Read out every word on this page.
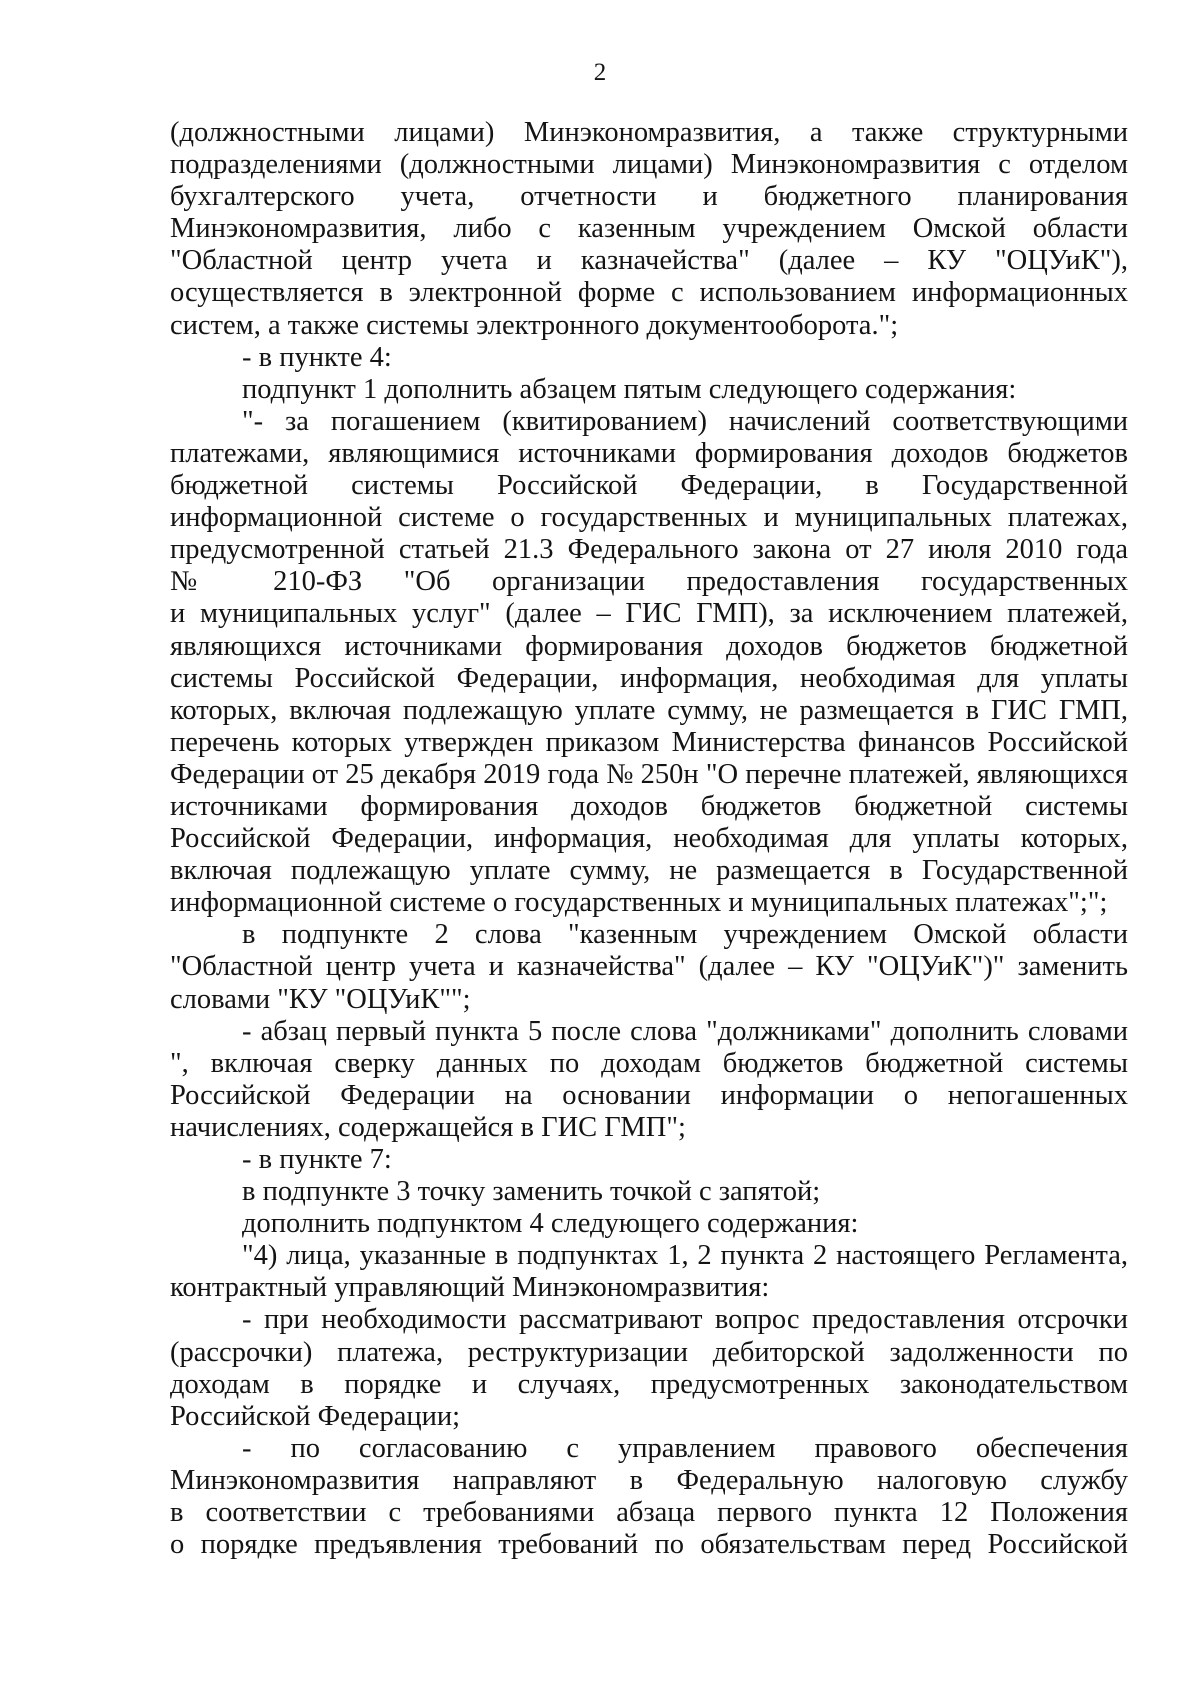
2
(должностными лицами) Минэкономразвития, а также структурными
подразделениями (должностными лицами) Минэкономразвития с отделом
бухгалтерского учета, отчетности и бюджетного планирования
Минэкономразвития, либо с казенным учреждением Омской области
"Областной центр учета и казначейства" (далее – КУ "ОЦУиК"),
осуществляется в электронной форме с использованием информационных
систем, а также системы электронного документооборота.";
- в пункте 4:
подпункт 1 дополнить абзацем пятым следующего содержания:
"- за погашением (квитированием) начислений соответствующими
платежами, являющимися источниками формирования доходов бюджетов
бюджетной системы Российской Федерации, в Государственной
информационной системе о государственных и муниципальных платежах,
предусмотренной статьей 21.3 Федерального закона от 27 июля 2010 года
№ 210-ФЗ "Об организации предоставления государственных
и муниципальных услуг" (далее – ГИС ГМП), за исключением платежей,
являющихся источниками формирования доходов бюджетов бюджетной
системы Российской Федерации, информация, необходимая для уплаты
которых, включая подлежащую уплате сумму, не размещается в ГИС ГМП,
перечень которых утвержден приказом Министерства финансов Российской
Федерации от 25 декабря 2019 года № 250н "О перечне платежей, являющихся
источниками формирования доходов бюджетов бюджетной системы
Российской Федерации, информация, необходимая для уплаты которых,
включая подлежащую уплате сумму, не размещается в Государственной
информационной системе о государственных и муниципальных платежах";";
в подпункте 2 слова "казенным учреждением Омской области
"Областной центр учета и казначейства" (далее – КУ "ОЦУиК")" заменить
словами "КУ "ОЦУиК"";
- абзац первый пункта 5 после слова "должниками" дополнить словами
", включая сверку данных по доходам бюджетов бюджетной системы
Российской Федерации на основании информации о непогашенных
начислениях, содержащейся в ГИС ГМП";
- в пункте 7:
в подпункте 3 точку заменить точкой с запятой;
дополнить подпунктом 4 следующего содержания:
"4) лица, указанные в подпунктах 1, 2 пункта 2 настоящего Регламента,
контрактный управляющий Минэкономразвития:
- при необходимости рассматривают вопрос предоставления отсрочки
(рассрочки) платежа, реструктуризации дебиторской задолженности по
доходам в порядке и случаях, предусмотренных законодательством
Российской Федерации;
- по согласованию с управлением правового обеспечения
Минэкономразвития направляют в Федеральную налоговую службу
в соответствии с требованиями абзаца первого пункта 12 Положения
о порядке предъявления требований по обязательствам перед Российской
